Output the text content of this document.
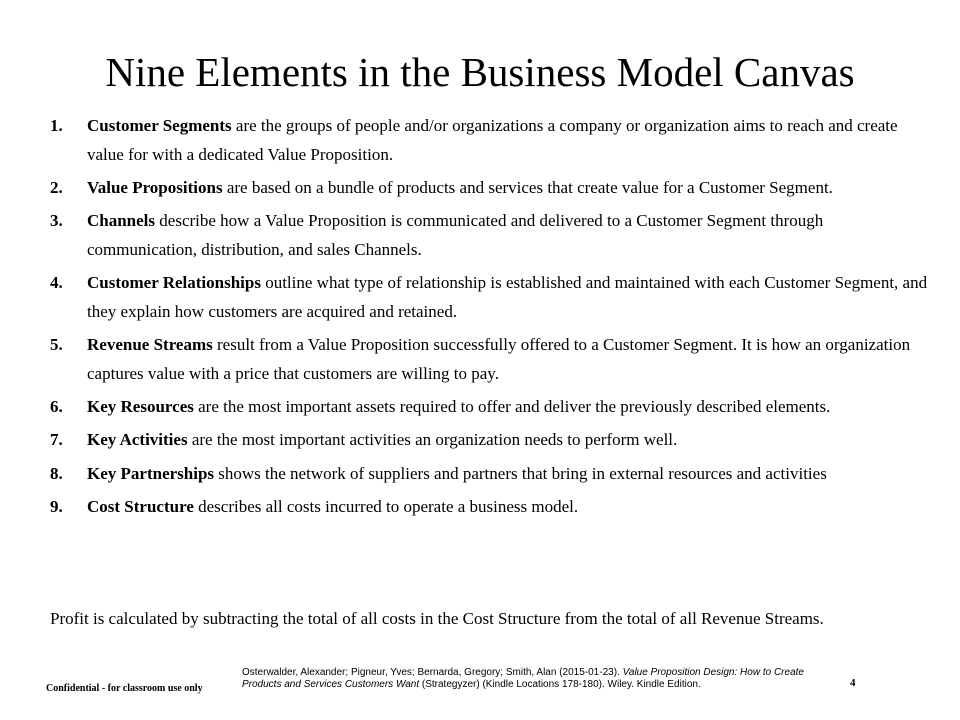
Nine Elements in the Business Model Canvas
1. Customer Segments are the groups of people and/or organizations a company or organization aims to reach and create value for with a dedicated Value Proposition.
2. Value Propositions are based on a bundle of products and services that create value for a Customer Segment.
3. Channels describe how a Value Proposition is communicated and delivered to a Customer Segment through communication, distribution, and sales Channels.
4. Customer Relationships outline what type of relationship is established and maintained with each Customer Segment, and they explain how customers are acquired and retained.
5. Revenue Streams result from a Value Proposition successfully offered to a Customer Segment. It is how an organization captures value with a price that customers are willing to pay.
6. Key Resources are the most important assets required to offer and deliver the previously described elements.
7. Key Activities are the most important activities an organization needs to perform well.
8. Key Partnerships shows the network of suppliers and partners that bring in external resources and activities
9. Cost Structure describes all costs incurred to operate a business model.

Profit is calculated by subtracting the total of all costs in the Cost Structure from the total of all Revenue Streams.

Confidential - for classroom use only

Osterwalder, Alexander; Pigneur, Yves; Bernarda, Gregory; Smith, Alan (2015-01-23). Value Proposition Design: How to Create Products and Services Customers Want (Strategyzer) (Kindle Locations 178-180). Wiley. Kindle Edition.	4
